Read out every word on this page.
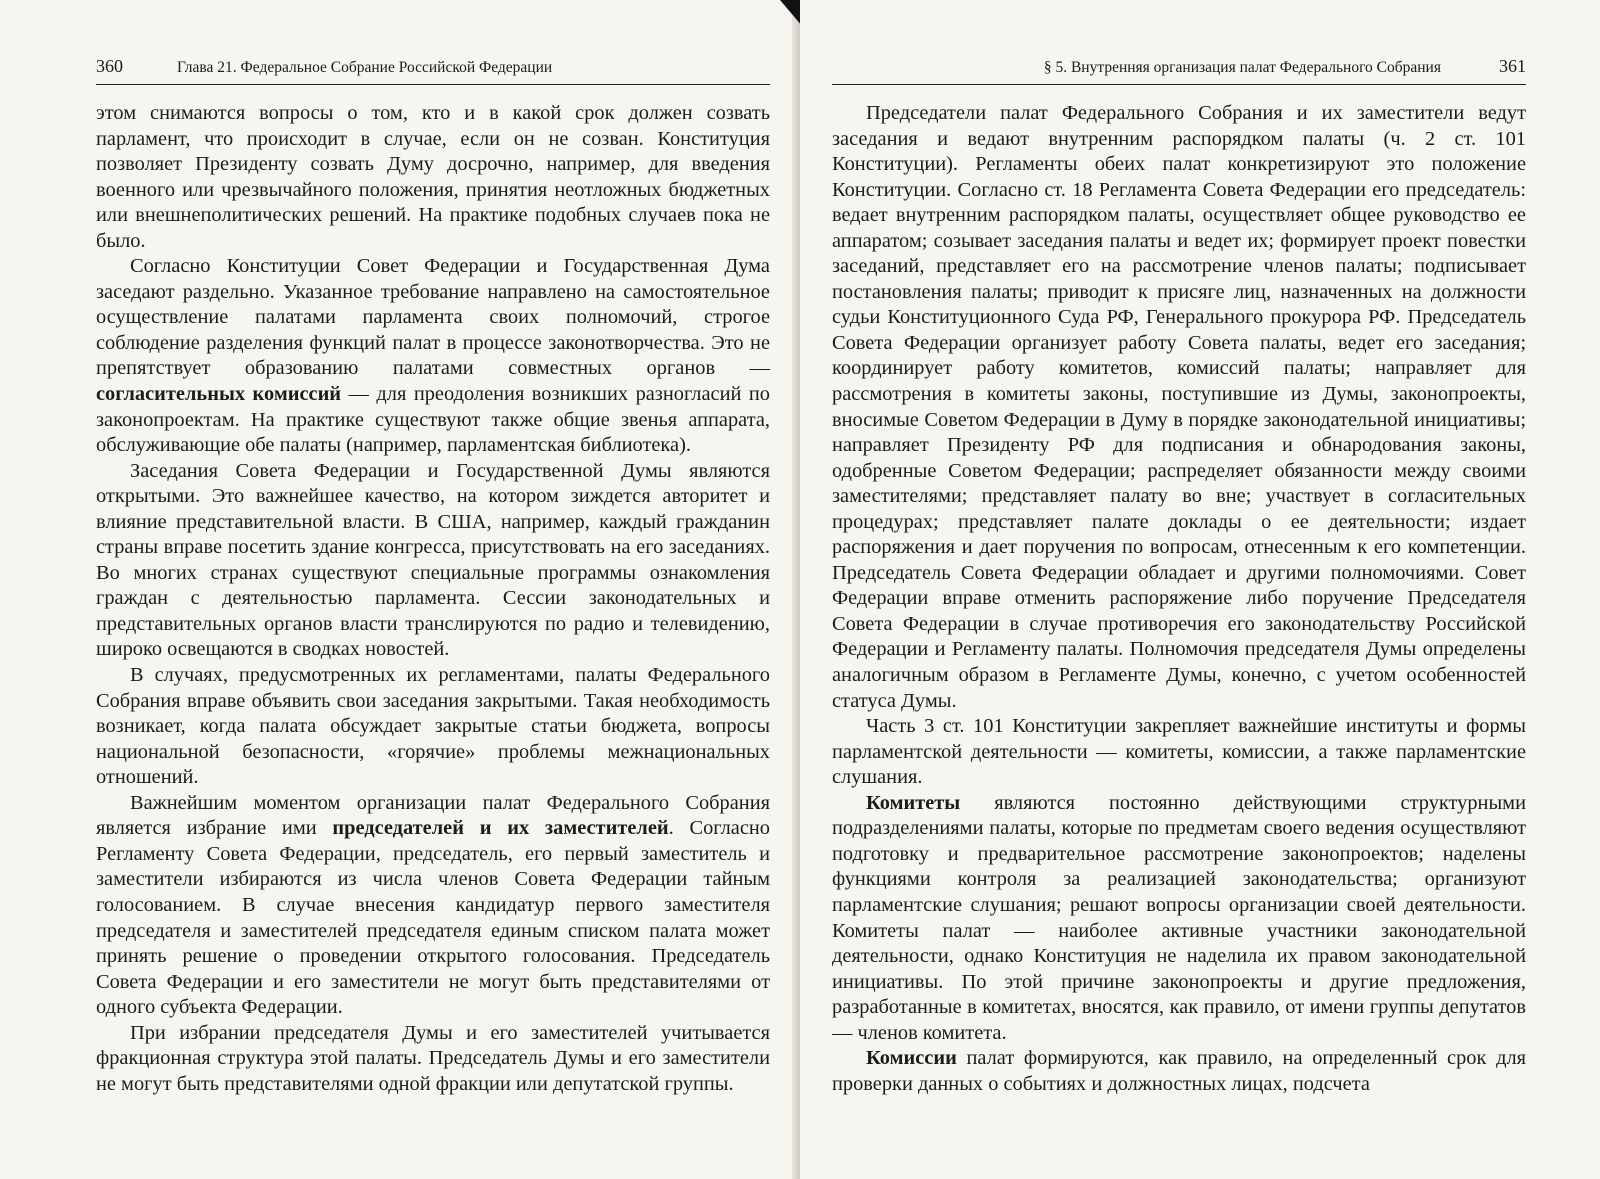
360	Глава 21. Федеральное Собрание Российской Федерации

этом снимаются вопросы о том, кто и в какой срок должен созвать парламент, что происходит в случае, если он не созван. Конституция позволяет Президенту созвать Думу досрочно, например, для введения военного или чрезвычайного положения, принятия неотложных бюджетных или внешнеполитических решений. На практике подобных случаев пока не было.

Согласно Конституции Совет Федерации и Государственная Дума заседают раздельно. Указанное требование направлено на самостоятельное осуществление палатами парламента своих полномочий, строгое соблюдение разделения функций палат в процессе законотворчества. Это не препятствует образованию палатами совместных органов — согласительных комиссий — для преодоления возникших разногласий по законопроектам. На практике существуют также общие звенья аппарата, обслуживающие обе палаты (например, парламентская библиотека).

Заседания Совета Федерации и Государственной Думы являются открытыми. Это важнейшее качество, на котором зиждется авторитет и влияние представительной власти. В США, например, каждый гражданин страны вправе посетить здание конгресса, присутствовать на его заседаниях. Во многих странах существуют специальные программы ознакомления граждан с деятельностью парламента. Сессии законодательных и представительных органов власти транслируются по радио и телевидению, широко освещаются в сводках новостей.

В случаях, предусмотренных их регламентами, палаты Федерального Собрания вправе объявить свои заседания закрытыми. Такая необходимость возникает, когда палата обсуждает закрытые статьи бюджета, вопросы национальной безопасности, «горячие» проблемы межнациональных отношений.

Важнейшим моментом организации палат Федерального Собрания является избрание ими председателей и их заместителей. Согласно Регламенту Совета Федерации, председатель, его первый заместитель и заместители избираются из числа членов Совета Федерации тайным голосованием. В случае внесения кандидатур первого заместителя председателя и заместителей председателя единым списком палата может принять решение о проведении открытого голосования. Председатель Совета Федерации и его заместители не могут быть представителями от одного субъекта Федерации.

При избрании председателя Думы и его заместителей учитывается фракционная структура этой палаты. Председатель Думы и его заместители не могут быть представителями одной фракции или депутатской группы.

§ 5. Внутренняя организация палат Федерального Собрания	361

Председатели палат Федерального Собрания и их заместители ведут заседания и ведают внутренним распорядком палаты (ч. 2 ст. 101 Конституции). Регламенты обеих палат конкретизируют это положение Конституции. Согласно ст. 18 Регламента Совета Федерации его председатель: ведает внутренним распорядком палаты, осуществляет общее руководство ее аппаратом; созывает заседания палаты и ведет их; формирует проект повестки заседаний, представляет его на рассмотрение членов палаты; подписывает постановления палаты; приводит к присяге лиц, назначенных на должности судьи Конституционного Суда РФ, Генерального прокурора РФ. Председатель Совета Федерации организует работу Совета палаты, ведет его заседания; координирует работу комитетов, комиссий палаты; направляет для рассмотрения в комитеты законы, поступившие из Думы, законопроекты, вносимые Советом Федерации в Думу в порядке законодательной инициативы; направляет Президенту РФ для подписания и обнародования законы, одобренные Советом Федерации; распределяет обязанности между своими заместителями; представляет палату во вне; участвует в согласительных процедурах; представляет палате доклады о ее деятельности; издает распоряжения и дает поручения по вопросам, отнесенным к его компетенции. Председатель Совета Федерации обладает и другими полномочиями. Совет Федерации вправе отменить распоряжение либо поручение Председателя Совета Федерации в случае противоречия его законодательству Российской Федерации и Регламенту палаты. Полномочия председателя Думы определены аналогичным образом в Регламенте Думы, конечно, с учетом особенностей статуса Думы.

Часть 3 ст. 101 Конституции закрепляет важнейшие институты и формы парламентской деятельности — комитеты, комиссии, а также парламентские слушания.

Комитеты являются постоянно действующими структурными подразделениями палаты, которые по предметам своего ведения осуществляют подготовку и предварительное рассмотрение законопроектов; наделены функциями контроля за реализацией законодательства; организуют парламентские слушания; решают вопросы организации своей деятельности. Комитеты палат — наиболее активные участники законодательной деятельности, однако Конституция не наделила их правом законодательной инициативы. По этой причине законопроекты и другие предложения, разработанные в комитетах, вносятся, как правило, от имени группы депутатов — членов комитета.

Комиссии палат формируются, как правило, на определенный срок для проверки данных о событиях и должностных лицах, подсчета
